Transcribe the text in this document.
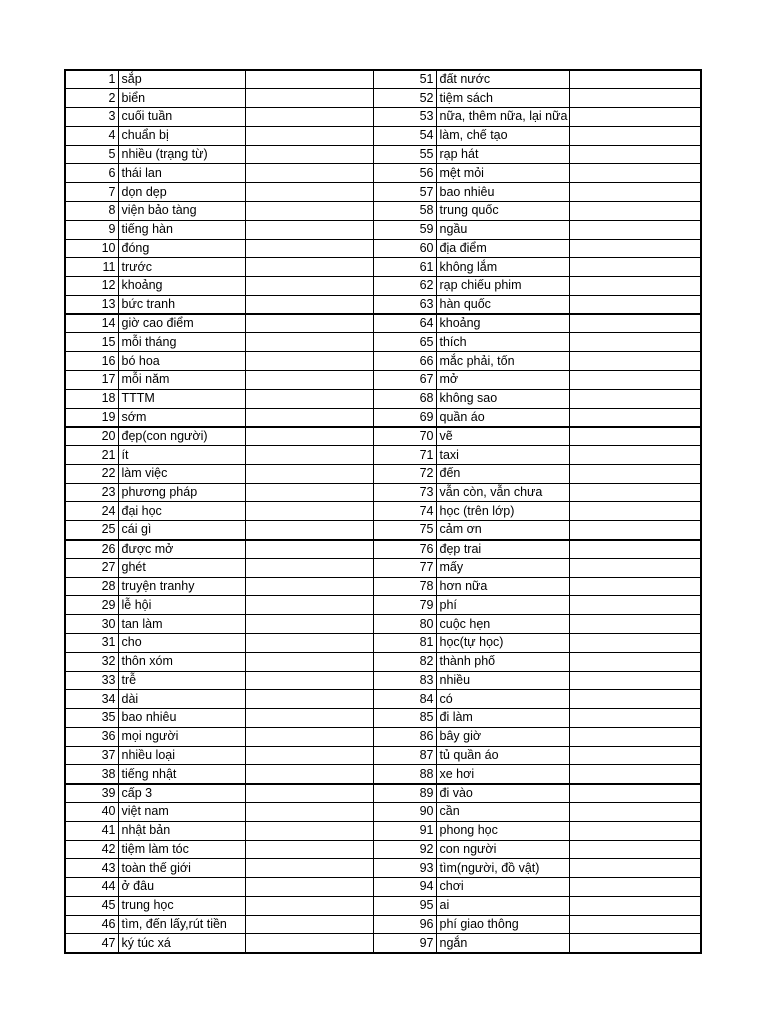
1	sắp		51	đất nước	
2	biển		52	tiệm sách	
3	cuối tuần		53	nữa, thêm nữa, lại nữa	
4	chuẩn bị		54	làm, chế tạo	
5	nhiều (trạng từ)		55	rạp hát	
6	thái lan		56	mệt mỏi	
7	dọn dẹp		57	bao nhiêu	
8	viện bảo tàng		58	trung quốc	
9	tiếng hàn		59	ngầu	
10	đóng		60	địa điểm	
11	trước		61	không lắm	
12	khoảng		62	rạp chiếu phim	
13	bức tranh		63	hàn quốc	
14	giờ cao điểm		64	khoảng	
15	mỗi tháng		65	thích	
16	bó hoa		66	mắc phải, tốn	
17	mỗi năm		67	mở	
18	TTTM		68	không sao	
19	sớm		69	quần áo	
20	đẹp(con người)		70	vẽ	
21	ít		71	taxi	
22	làm việc		72	đến	
23	phương pháp		73	vẫn còn, vẫn chưa	
24	đại học		74	học (trên lớp)	
25	cái gì		75	cảm ơn	
26	được mở		76	đẹp trai	
27	ghét		77	mấy	
28	truyện tranhy		78	hơn nữa	
29	lễ hội		79	phí	
30	tan làm		80	cuộc hẹn	
31	cho		81	học(tự học)	
32	thôn xóm		82	thành phố	
33	trễ		83	nhiều	
34	dài		84	có	
35	bao nhiêu		85	đi làm	
36	mọi người		86	bây giờ	
37	nhiều loại		87	tủ quần áo	
38	tiếng nhật		88	xe hơi	
39	cấp 3		89	đi vào	
40	việt nam		90	cần	
41	nhật bản		91	phong học	
42	tiệm làm tóc		92	con người	
43	toàn thế giới		93	tìm(người, đồ vật)	
44	ở đâu		94	chơi	
45	trung học		95	ai	
46	tìm, đến lấy,rút tiền		96	phí giao thông	
47	ký túc xá		97	ngắn	
